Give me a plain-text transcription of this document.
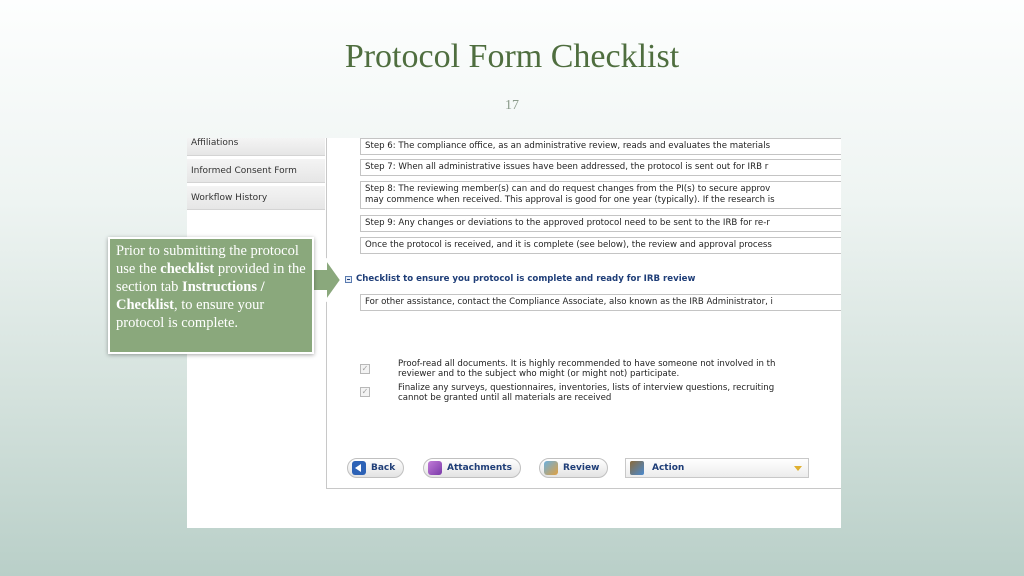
Protocol Form Checklist
17
Affiliations
Informed Consent Form
Workflow History
Step 6: The compliance office, as an administrative review, reads and evaluates the materials
Step 7: When all administrative issues have been addressed, the protocol is sent out for IRB r
Step 8: The reviewing member(s) can and do request changes from the PI(s) to secure approv
may commence when received. This approval is good for one year (typically). If the research is
Step 9: Any changes or deviations to the approved protocol need to be sent to the IRB for re-r
Once the protocol is received, and it is complete (see below), the review and approval process
Checklist to ensure you protocol is complete and ready for IRB review
For other assistance, contact the Compliance Associate, also known as the IRB Administrator, i
✓	Proof-read all documents. It is highly recommended to have someone not involved in th
reviewer and to the subject who might (or might not) participate.
✓	Finalize any surveys, questionnaires, inventories, lists of interview questions, recruiting
cannot be granted until all materials are received
Back	Attachments	Review	Action
Prior to submitting the protocol use the checklist provided in the section tab Instructions / Checklist, to ensure your protocol is complete.
